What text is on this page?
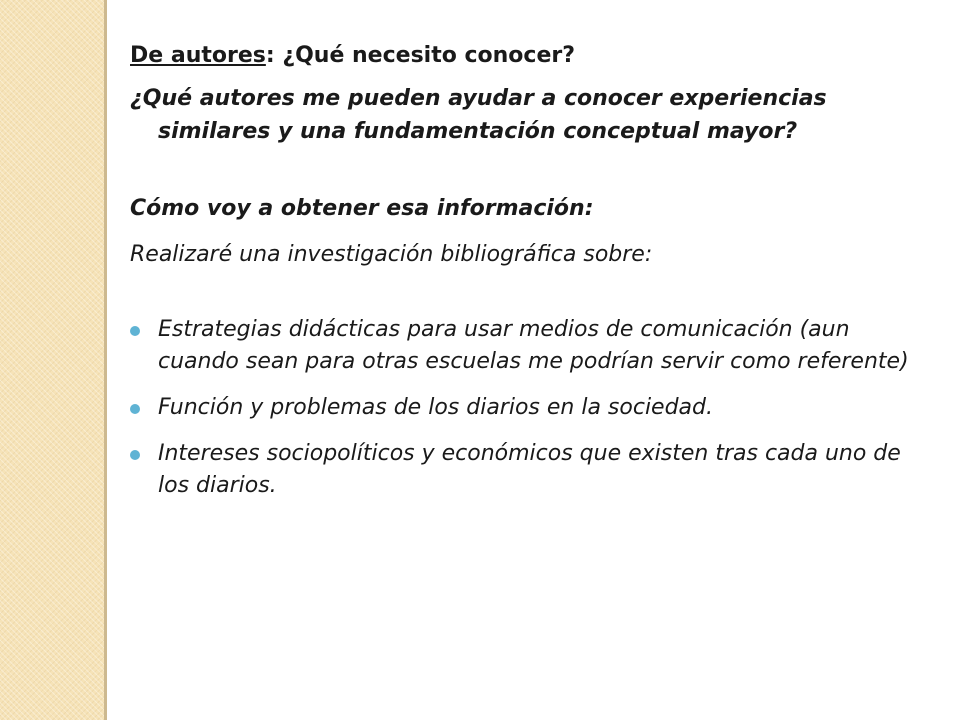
De autores: ¿Qué necesito conocer?

¿Qué autores me pueden ayudar a conocer experiencias similares y una fundamentación conceptual mayor?

Cómo voy a obtener esa información:

Realizaré una investigación bibliográfica sobre:

Estrategias didácticas para usar medios de comunicación (aun cuando sean para otras escuelas me podrían servir como referente)
Función y problemas de los diarios en la sociedad.
Intereses sociopolíticos y económicos que existen tras cada uno de los diarios.
